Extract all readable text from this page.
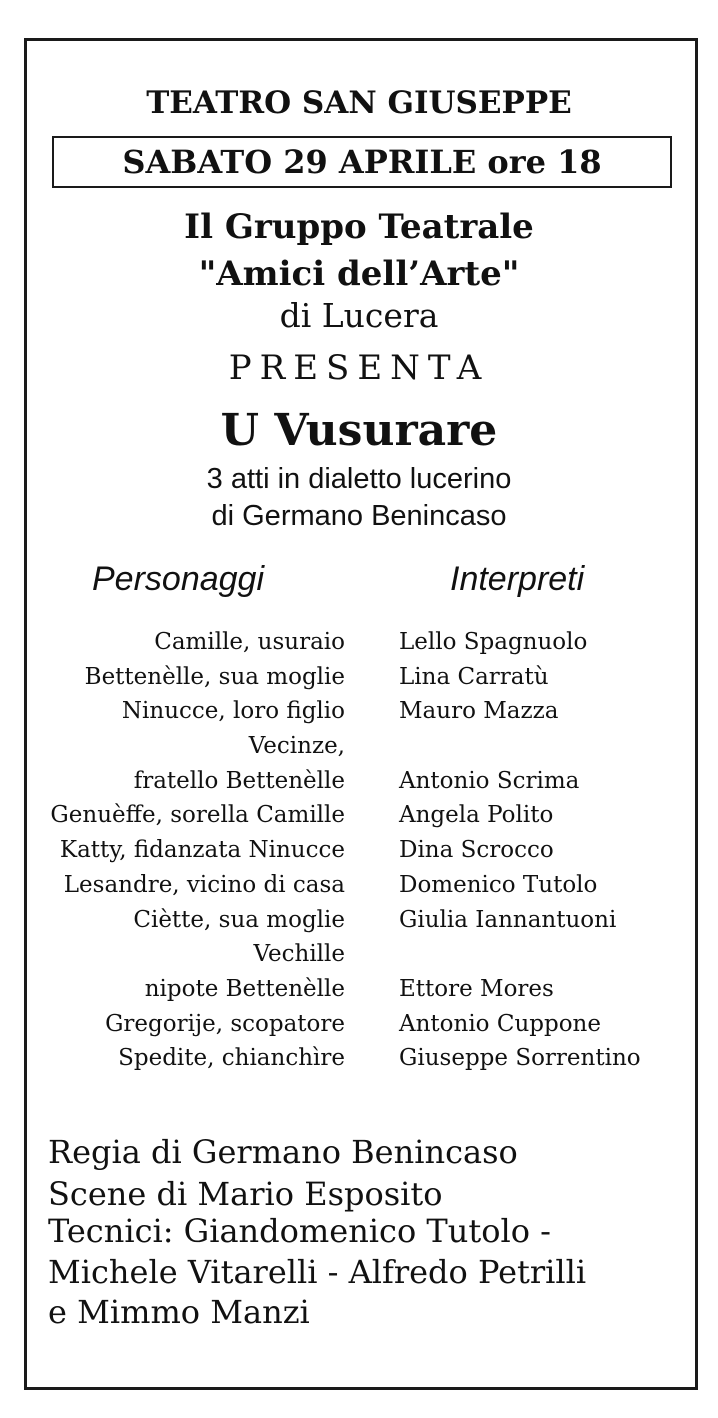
TEATRO SAN GIUSEPPE
SABATO 29 APRILE ore 18
Il Gruppo Teatrale
"Amici dell’Arte"
di Lucera
PRESENTA
U Vusurare
3 atti in dialetto lucerino
di Germano Benincaso
Personaggi	Interpreti
Camille, usuraio Lello Spagnuolo
Bettenèlle, sua moglie Lina Carratù
Ninucce, loro figlio Mauro Mazza
Vecinze,
fratello Bettenèlle Antonio Scrima
Genuèffe, sorella Camille Angela Polito
Katty, fidanzata Ninucce Dina Scrocco
Lesandre, vicino di casa Domenico Tutolo
Ciètte, sua moglie Giulia Iannantuoni
Vechille
nipote Bettenèlle Ettore Mores
Gregorije, scopatore Antonio Cuppone
Spedite, chianchìre Giuseppe Sorrentino
Regia di Germano Benincaso
Scene di Mario Esposito
Tecnici: Giandomenico Tutolo -
Michele Vitarelli - Alfredo Petrilli
e Mimmo Manzi
